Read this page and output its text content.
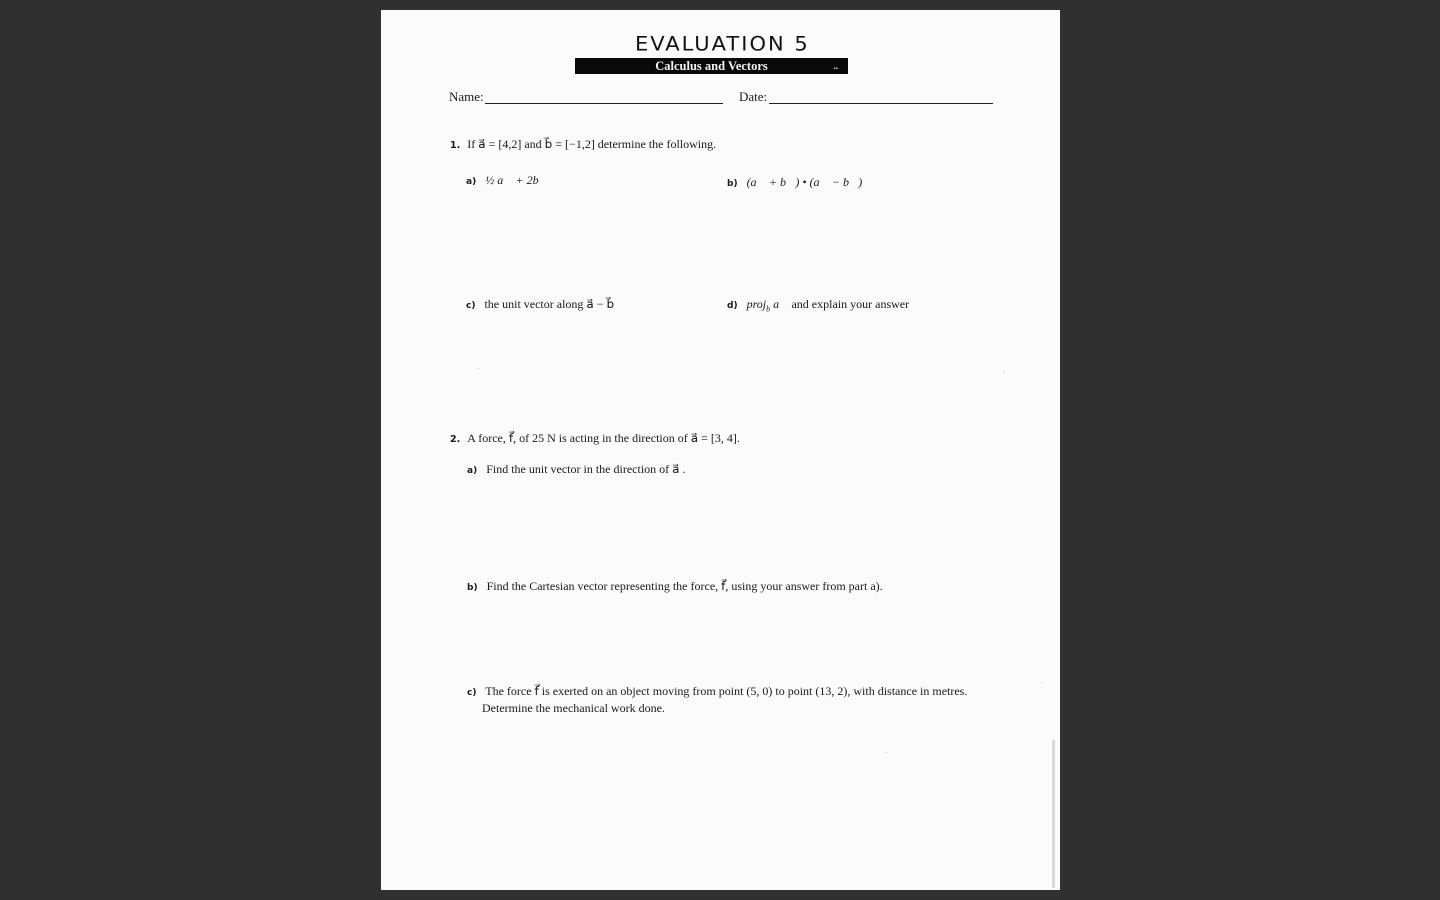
EVALUATION 5
Calculus and Vectors	..
Name:	Date:
1. If a⃗ = [4,2] and b⃗ = [−1,2] determine the following.
a) ½ a⃗ + 2b⃗	b) (a⃗ + b⃗) • (a⃗ − b⃗)
c) the unit vector along a⃗ − b⃗	d) proj$_b$ a⃗ and explain your answer
2. A force, f⃗, of 25 N is acting in the direction of a⃗ = [3, 4].
a) Find the unit vector in the direction of a⃗ .
b) Find the Cartesian vector representing the force, f⃗, using your answer from part a).
c) The force f⃗ is exerted on an object moving from point (5, 0) to point (13, 2), with distance in metres.
Determine the mechanical work done.
